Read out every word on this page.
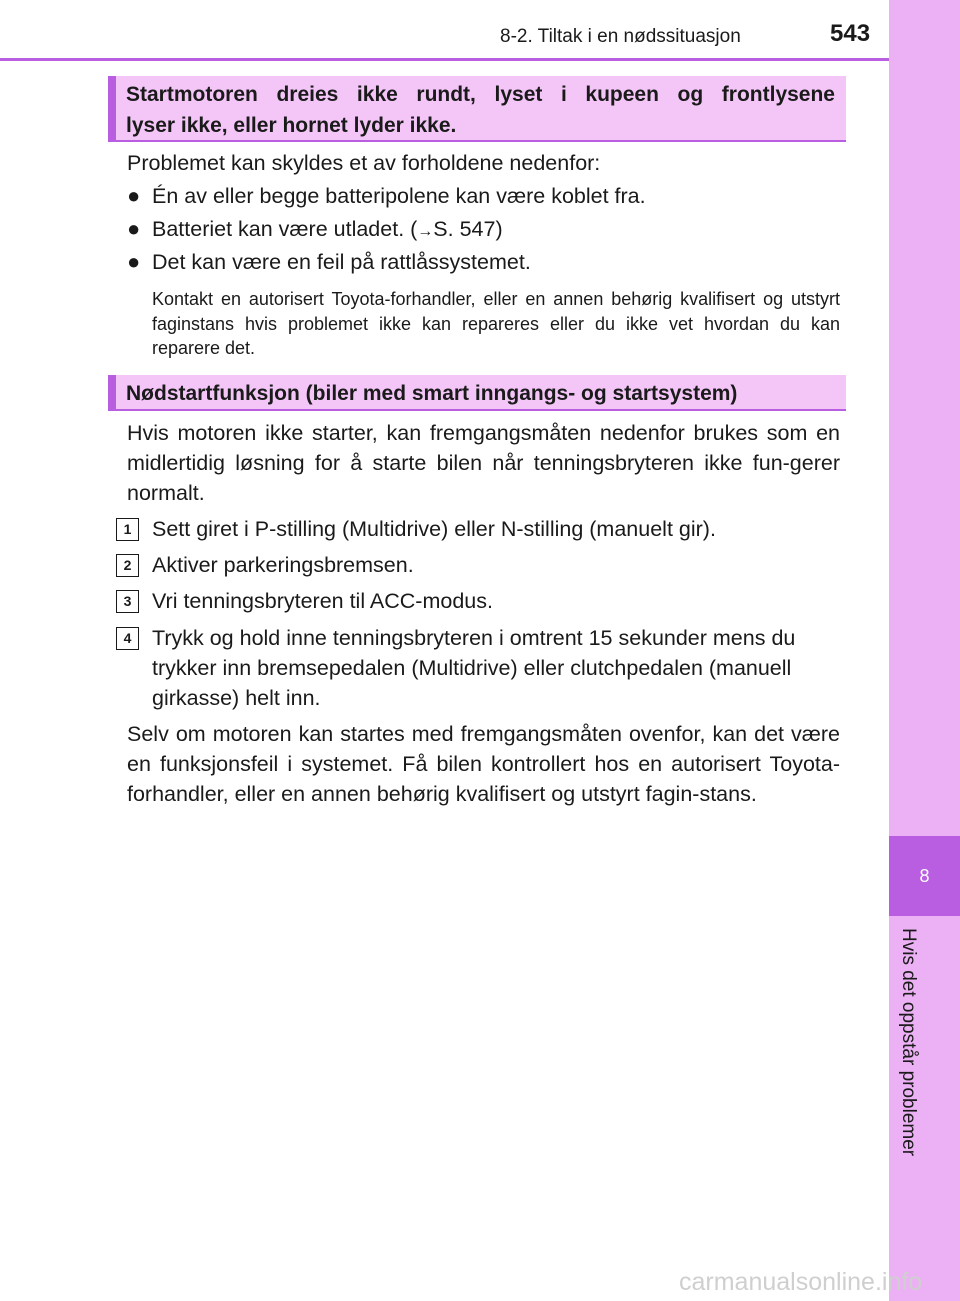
8
Hvis det oppstår problemer
8-2. Tiltak i en nødssituasjon	543
Startmotoren dreies ikke rundt, lyset i kupeen og frontlysene
lyser ikke, eller hornet lyder ikke.

Problemet kan skyldes et av forholdene nedenfor:

● Én av eller begge batteripolene kan være koblet fra.
● Batteriet kan være utladet. (→S. 547)
● Det kan være en feil på rattlåssystemet.

Kontakt en autorisert Toyota-forhandler, eller en annen behørig kvalifisert og utstyrt faginstans hvis problemet ikke kan repareres eller du ikke vet hvordan du kan reparere det.

Nødstartfunksjon (biler med smart inngangs- og startsystem)

Hvis motoren ikke starter, kan fremgangsmåten nedenfor brukes som en midlertidig løsning for å starte bilen når tenningsbryteren ikke fun-gerer normalt.

1 Sett giret i P-stilling (Multidrive) eller N-stilling (manuelt gir).
2 Aktiver parkeringsbremsen.
3 Vri tenningsbryteren til ACC-modus.
4 Trykk og hold inne tenningsbryteren i omtrent 15 sekunder mens du trykker inn bremsepedalen (Multidrive) eller clutchpedalen (manuell girkasse) helt inn.

Selv om motoren kan startes med fremgangsmåten ovenfor, kan det være en funksjonsfeil i systemet. Få bilen kontrollert hos en autorisert Toyota-forhandler, eller en annen behørig kvalifisert og utstyrt fagin-stans.

carmanualsonline.info
